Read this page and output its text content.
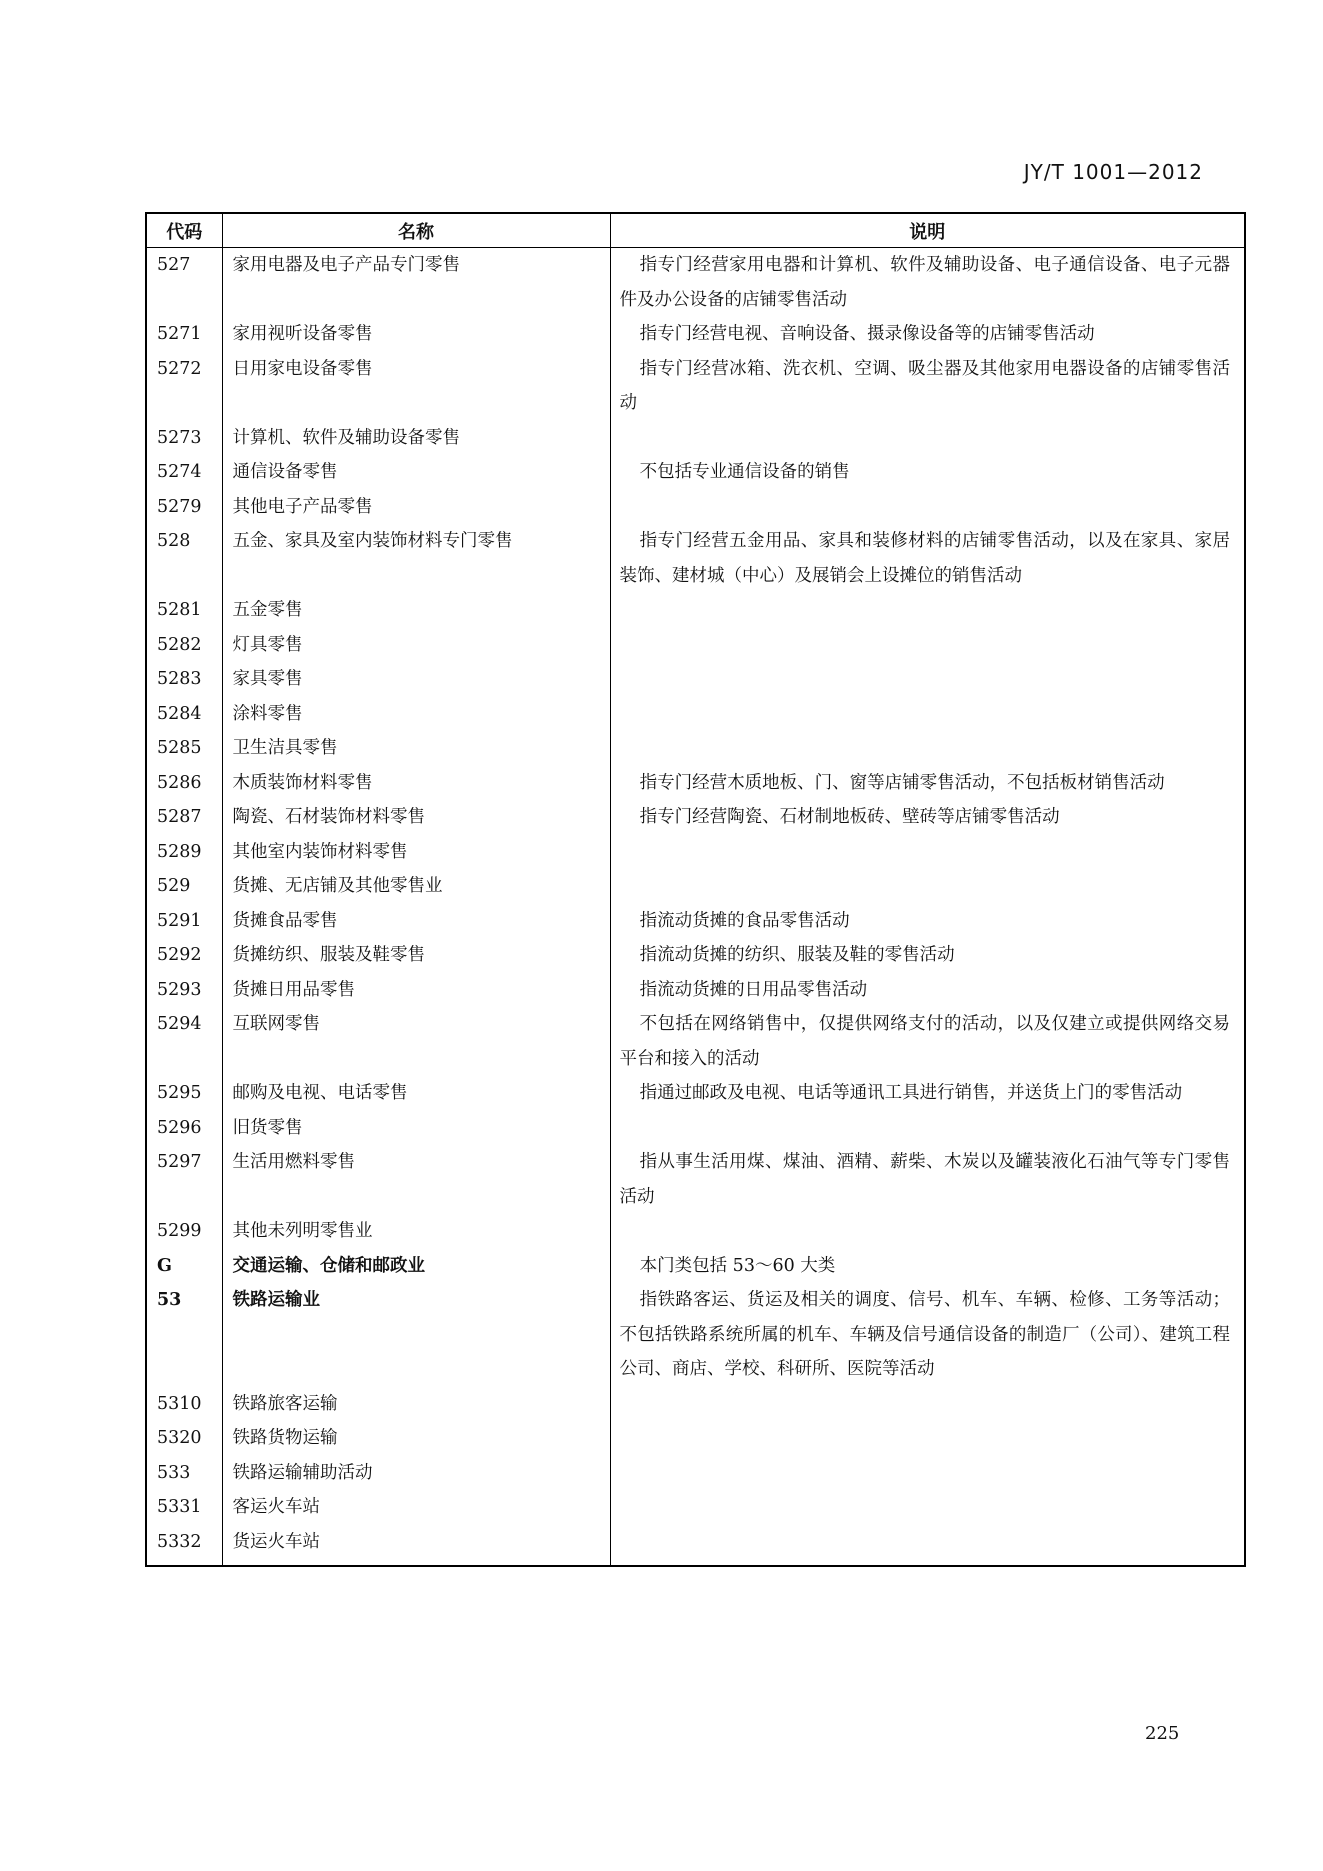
JY/T 1001—2012
代码	名称	说明
527	家用电器及电子产品专门零售	指专门经营家用电器和计算机、软件及辅助设备、电子通信设备、电子元器件及办公设备的店铺零售活动
5271	家用视听设备零售	指专门经营电视、音响设备、摄录像设备等的店铺零售活动
5272	日用家电设备零售	指专门经营冰箱、洗衣机、空调、吸尘器及其他家用电器设备的店铺零售活动
5273	计算机、软件及辅助设备零售	
5274	通信设备零售	不包括专业通信设备的销售
5279	其他电子产品零售	
528	五金、家具及室内装饰材料专门零售	指专门经营五金用品、家具和装修材料的店铺零售活动，以及在家具、家居装饰、建材城（中心）及展销会上设摊位的销售活动
5281	五金零售	
5282	灯具零售	
5283	家具零售	
5284	涂料零售	
5285	卫生洁具零售	
5286	木质装饰材料零售	指专门经营木质地板、门、窗等店铺零售活动，不包括板材销售活动
5287	陶瓷、石材装饰材料零售	指专门经营陶瓷、石材制地板砖、壁砖等店铺零售活动
5289	其他室内装饰材料零售	
529	货摊、无店铺及其他零售业	
5291	货摊食品零售	指流动货摊的食品零售活动
5292	货摊纺织、服装及鞋零售	指流动货摊的纺织、服装及鞋的零售活动
5293	货摊日用品零售	指流动货摊的日用品零售活动
5294	互联网零售	不包括在网络销售中，仅提供网络支付的活动，以及仅建立或提供网络交易平台和接入的活动
5295	邮购及电视、电话零售	指通过邮政及电视、电话等通讯工具进行销售，并送货上门的零售活动
5296	旧货零售	
5297	生活用燃料零售	指从事生活用煤、煤油、酒精、薪柴、木炭以及罐装液化石油气等专门零售活动
5299	其他未列明零售业	
G	交通运输、仓储和邮政业	本门类包括 53～60 大类
53	铁路运输业	指铁路客运、货运及相关的调度、信号、机车、车辆、检修、工务等活动；不包括铁路系统所属的机车、车辆及信号通信设备的制造厂（公司）、建筑工程公司、商店、学校、科研所、医院等活动
5310	铁路旅客运输	
5320	铁路货物运输	
533	铁路运输辅助活动	
5331	客运火车站	
5332	货运火车站	
225
